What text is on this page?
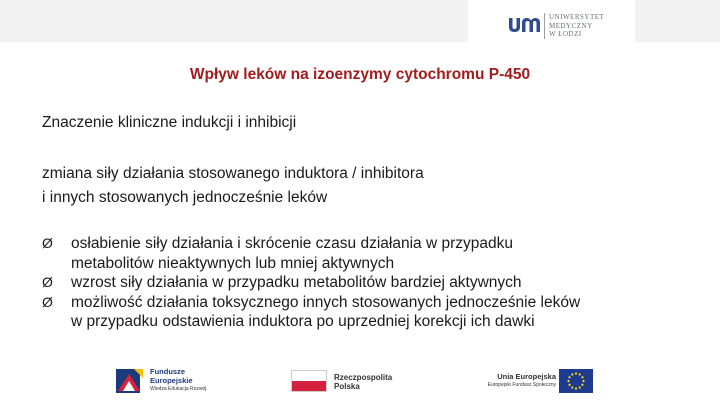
UNIWERSYTET
MEDYCZNY
W ŁODZI
Wpływ leków na izoenzymy cytochromu P-450
Znaczenie kliniczne indukcji i inhibicji
zmiana siły działania stosowanego induktora / inhibitora
i innych stosowanych jednocześnie leków
Ø osłabienie siły działania i skrócenie czasu działania w przypadku
metabolitów nieaktywnych lub mniej aktywnych
Ø wzrost siły działania w przypadku metabolitów bardziej aktywnych
Ø możliwość działania toksycznego innych stosowanych jednocześnie leków
w przypadku odstawienia induktora po uprzedniej korekcji ich dawki
Fundusze
Europejskie
Wiedza Edukacja Rozwój
Rzeczpospolita
Polska
Unia Europejska
Europejski Fundusz Społeczny
